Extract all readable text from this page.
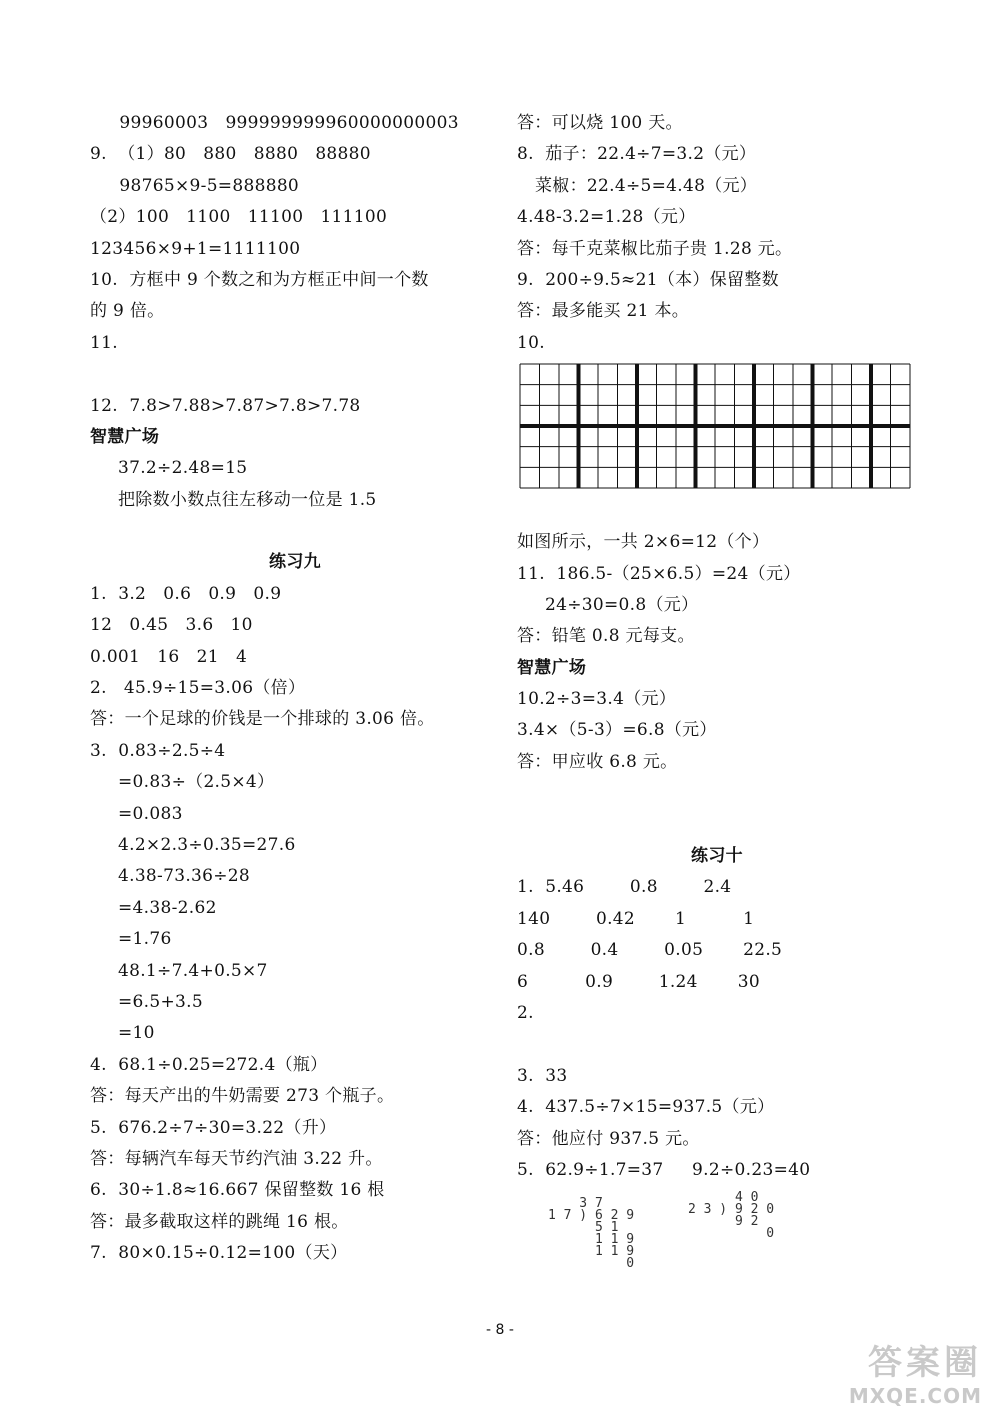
99960003   999999999960000000003
9.  （1）80   880   8880   88880
98765×9-5=888880
（2）100   1100   11100   111100
123456×9+1=1111100
10.  方框中 9 个数之和为方框正中间一个数
的 9 倍。
11.
12.  7.8>7.88>7.87>7.8>7.78
智慧广场
37.2÷2.48=15
把除数小数点往左移动一位是 1.5
练习九
1.  3.2   0.6   0.9   0.9
12   0.45   3.6   10
0.001   16   21   4
2.   45.9÷15=3.06（倍）
答：一个足球的价钱是一个排球的 3.06 倍。
3.  0.83÷2.5÷4
=0.83÷（2.5×4）
=0.083
4.2×2.3÷0.35=27.6
4.38-73.36÷28
=4.38-2.62
=1.76
48.1÷7.4+0.5×7
=6.5+3.5
=10
4.  68.1÷0.25=272.4（瓶）
答：每天产出的牛奶需要 273 个瓶子。
5.  676.2÷7÷30=3.22（升）
答：每辆汽车每天节约汽油 3.22 升。
6.  30÷1.8≈16.667 保留整数 16 根
答：最多截取这样的跳绳 16 根。
7.  80×0.15÷0.12=100（天）
答：可以烧 100 天。
8.  茄子：22.4÷7=3.2（元）
菜椒：22.4÷5=4.48（元）
4.48-3.2=1.28（元）
答：每千克菜椒比茄子贵 1.28 元。
9.  200÷9.5≈21（本）保留整数
答：最多能买 21 本。
10.
如图所示，一共 2×6=12（个）
11.  186.5-（25×6.5）=24（元）
24÷30=0.8（元）
答：铅笔 0.8 元每支。
智慧广场
10.2÷3=3.4（元）
3.4×（5-3）=6.8（元）
答：甲应收 6.8 元。
练习十
1.  5.46        0.8        2.4
140        0.42       1          1
0.8        0.4        0.05       22.5
6          0.9        1.24       30
2.
3.  33
4.  437.5÷7×15=937.5（元）
答：他应付 937.5 元。
5.  62.9÷1.7=37     9.2÷0.23=40
3 7
1 7 ) 6 2 9
5 1
1 1 9
1 1 9
0
4 0
2 3 ) 9 2 0
9 2
0
- 8 -
答案圈
MXQE.COM
